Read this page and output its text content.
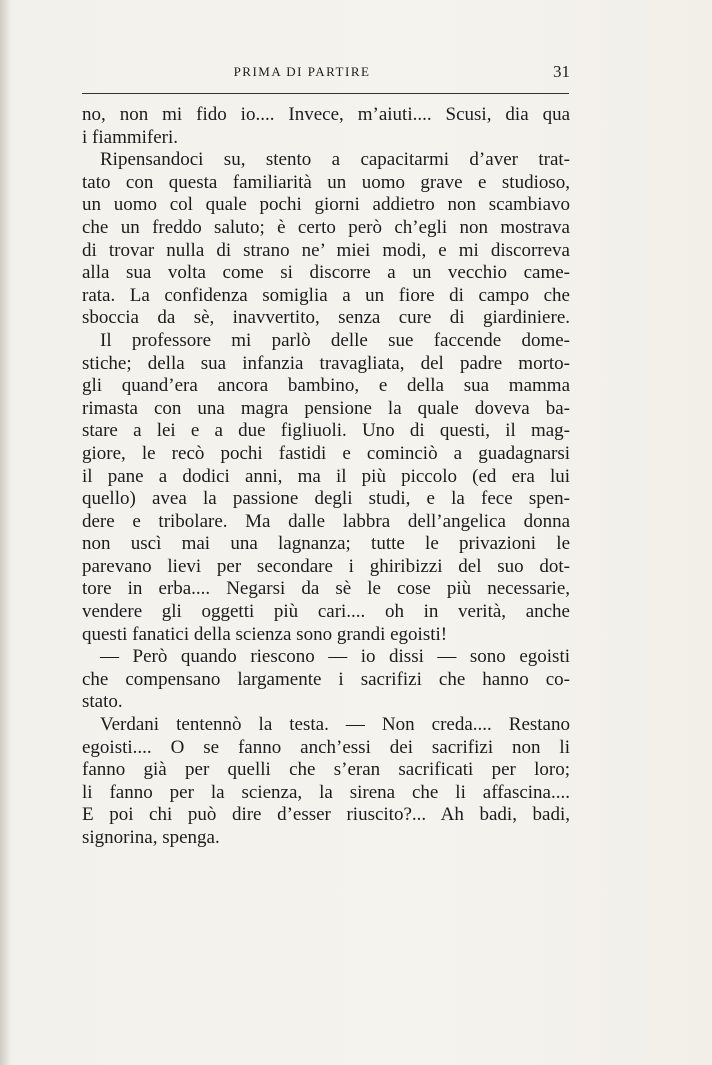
PRIMA DI PARTIRE	31
no, non mi fido io.... Invece, m’aiuti.... Scusi, dia qua
i fiammiferi.
Ripensandoci su, stento a capacitarmi d’aver trat-
tato con questa familiarità un uomo grave e studioso,
un uomo col quale pochi giorni addietro non scambiavo
che un freddo saluto; è certo però ch’egli non mostrava
di trovar nulla di strano ne’ miei modi, e mi discorreva
alla sua volta come si discorre a un vecchio came-
rata. La confidenza somiglia a un fiore di campo che
sboccia da sè, inavvertito, senza cure di giardiniere.
Il professore mi parlò delle sue faccende dome-
stiche; della sua infanzia travagliata, del padre morto-
gli quand’era ancora bambino, e della sua mamma
rimasta con una magra pensione la quale doveva ba-
stare a lei e a due figliuoli. Uno di questi, il mag-
giore, le recò pochi fastidi e cominciò a guadagnarsi
il pane a dodici anni, ma il più piccolo (ed era lui
quello) avea la passione degli studi, e la fece spen-
dere e tribolare. Ma dalle labbra dell’angelica donna
non uscì mai una lagnanza; tutte le privazioni le
parevano lievi per secondare i ghiribizzi del suo dot-
tore in erba.... Negarsi da sè le cose più necessarie,
vendere gli oggetti più cari.... oh in verità, anche
questi fanatici della scienza sono grandi egoisti!
— Però quando riescono — io dissi — sono egoisti
che compensano largamente i sacrifizi che hanno co-
stato.
Verdani tentennò la testa. — Non creda.... Restano
egoisti.... O se fanno anch’essi dei sacrifizi non li
fanno già per quelli che s’eran sacrificati per loro;
li fanno per la scienza, la sirena che li affascina....
E poi chi può dire d’esser riuscito?... Ah badi, badi,
signorina, spenga.
